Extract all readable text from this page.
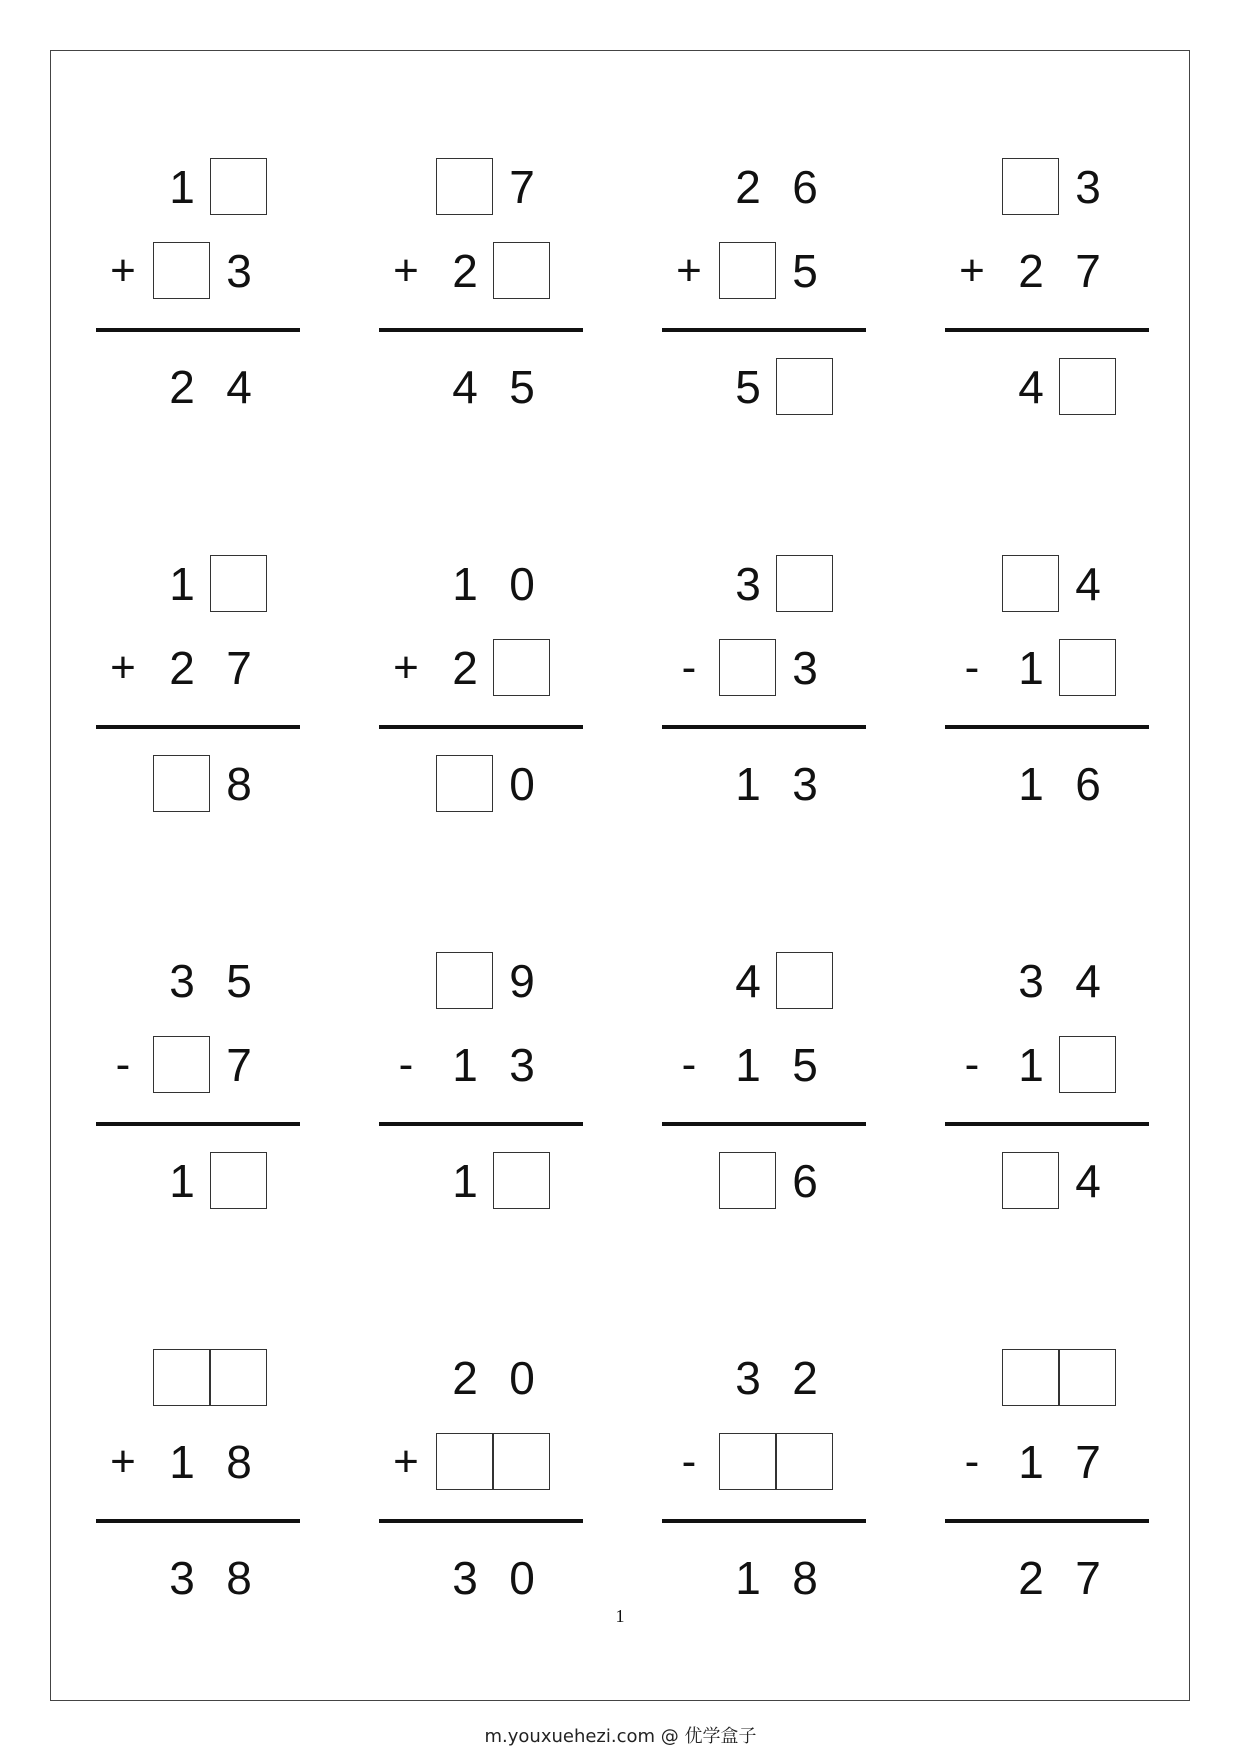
1
+	3
2 4
7
+ 2
4 5
2 6
+	5
5
3
+ 2 7
4
1
+ 2 7
8
1 0
+ 2
0
3
-	3
1 3
4
- 1
1 6
3 5
-	7
1
9
- 1 3
1
4
- 1 5
6
3 4
- 1
4
+ 1 8
3 8
2 0
+
3 0
3 2
-
1 8
- 1 7
2 7
1
m.youxuehezi.com @ 优学盒子
